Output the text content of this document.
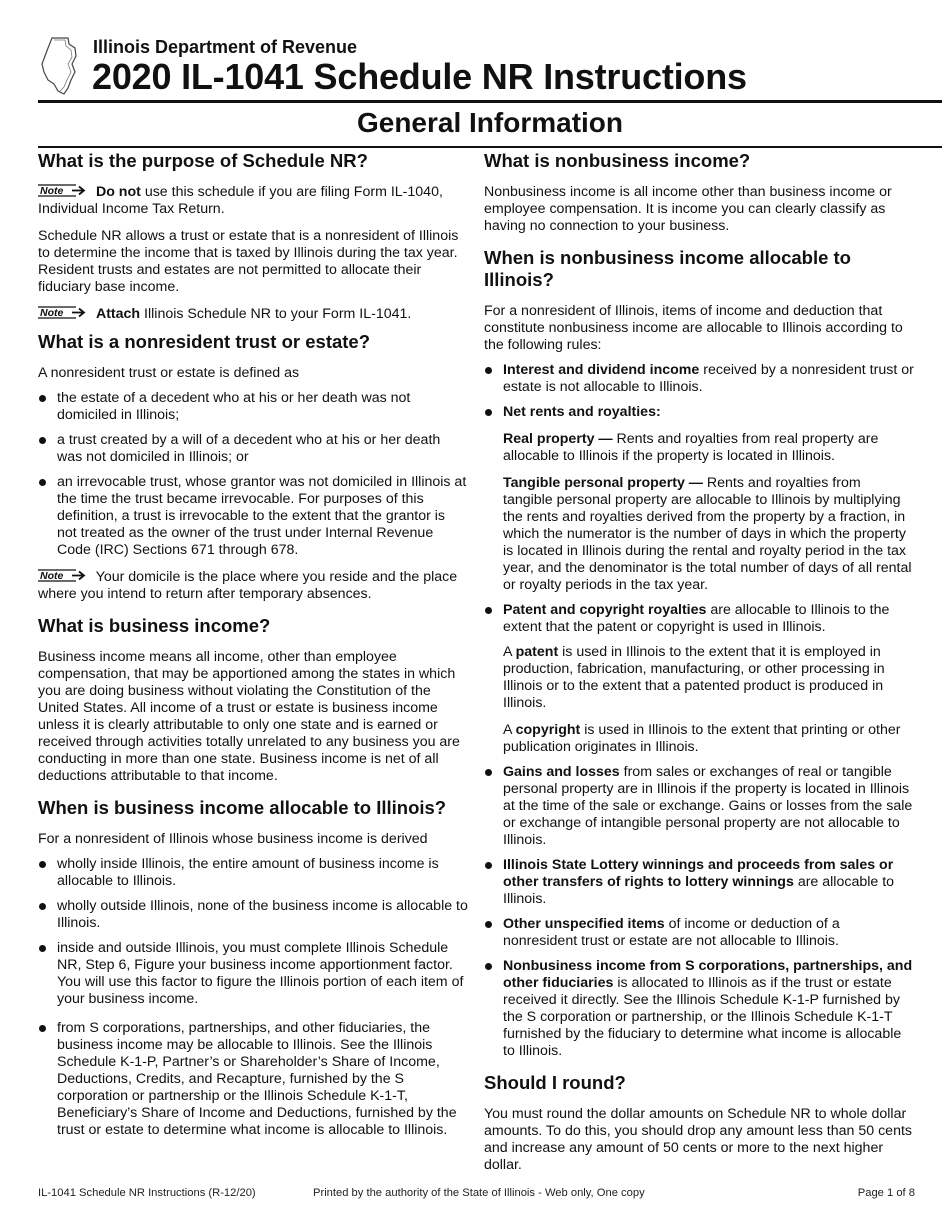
Illinois Department of Revenue
2020 IL-1041 Schedule NR Instructions
General Information
What is the purpose of Schedule NR?

Note Do not use this schedule if you are filing Form IL-1040, Individual Income Tax Return.

Schedule NR allows a trust or estate that is a nonresident of Illinois to determine the income that is taxed by Illinois during the tax year. Resident trusts and estates are not permitted to allocate their fiduciary base income.

Note Attach Illinois Schedule NR to your Form IL-1041.

What is a nonresident trust or estate?

A nonresident trust or estate is defined as

the estate of a decedent who at his or her death was not domiciled in Illinois;
a trust created by a will of a decedent who at his or her death was not domiciled in Illinois; or
an irrevocable trust, whose grantor was not domiciled in Illinois at the time the trust became irrevocable. For purposes of this definition, a trust is irrevocable to the extent that the grantor is not treated as the owner of the trust under Internal Revenue Code (IRC) Sections 671 through 678.

Note Your domicile is the place where you reside and the place where you intend to return after temporary absences.

What is business income?

Business income means all income, other than employee compensation, that may be apportioned among the states in which you are doing business without violating the Constitution of the United States. All income of a trust or estate is business income unless it is clearly attributable to only one state and is earned or received through activities totally unrelated to any business you are conducting in more than one state. Business income is net of all deductions attributable to that income.

When is business income allocable to Illinois?

For a nonresident of Illinois whose business income is derived

wholly inside Illinois, the entire amount of business income is allocable to Illinois.
wholly outside Illinois, none of the business income is allocable to Illinois.
inside and outside Illinois, you must complete Illinois Schedule NR, Step 6, Figure your business income apportionment factor. You will use this factor to figure the Illinois portion of each item of your business income.
from S corporations, partnerships, and other fiduciaries, the business income may be allocable to Illinois. See the Illinois Schedule K-1-P, Partner’s or Shareholder’s Share of Income, Deductions, Credits, and Recapture, furnished by the S corporation or partnership or the Illinois Schedule K-1-T, Beneficiary’s Share of Income and Deductions, furnished by the trust or estate to determine what income is allocable to Illinois.
What is nonbusiness income?

Nonbusiness income is all income other than business income or employee compensation. It is income you can clearly classify as having no connection to your business.

When is nonbusiness income allocable to Illinois?

For a nonresident of Illinois, items of income and deduction that constitute nonbusiness income are allocable to Illinois according to the following rules:

Interest and dividend income received by a nonresident trust or estate is not allocable to Illinois.
Net rents and royalties:

Real property — Rents and royalties from real property are allocable to Illinois if the property is located in Illinois.

Tangible personal property — Rents and royalties from tangible personal property are allocable to Illinois by multiplying the rents and royalties derived from the property by a fraction, in which the numerator is the number of days in which the property is located in Illinois during the rental and royalty period in the tax year, and the denominator is the total number of days of all rental or royalty periods in the tax year.

Patent and copyright royalties are allocable to Illinois to the extent that the patent or copyright is used in Illinois.

A patent is used in Illinois to the extent that it is employed in production, fabrication, manufacturing, or other processing in Illinois or to the extent that a patented product is produced in Illinois.

A copyright is used in Illinois to the extent that printing or other publication originates in Illinois.

Gains and losses from sales or exchanges of real or tangible personal property are in Illinois if the property is located in Illinois at the time of the sale or exchange. Gains or losses from the sale or exchange of intangible personal property are not allocable to Illinois.
Illinois State Lottery winnings and proceeds from sales or other transfers of rights to lottery winnings are allocable to Illinois.
Other unspecified items of income or deduction of a nonresident trust or estate are not allocable to Illinois.
Nonbusiness income from S corporations, partnerships, and other fiduciaries is allocated to Illinois as if the trust or estate received it directly. See the Illinois Schedule K-1-P furnished by the S corporation or partnership, or the Illinois Schedule K-1-T furnished by the fiduciary to determine what income is allocable to Illinois.
Should I round?

You must round the dollar amounts on Schedule NR to whole dollar amounts. To do this, you should drop any amount less than 50 cents and increase any amount of 50 cents or more to the next higher dollar.

IL-1041 Schedule NR Instructions (R-12/20)	Printed by the authority of the State of Illinois - Web only, One copy	Page 1 of 8
